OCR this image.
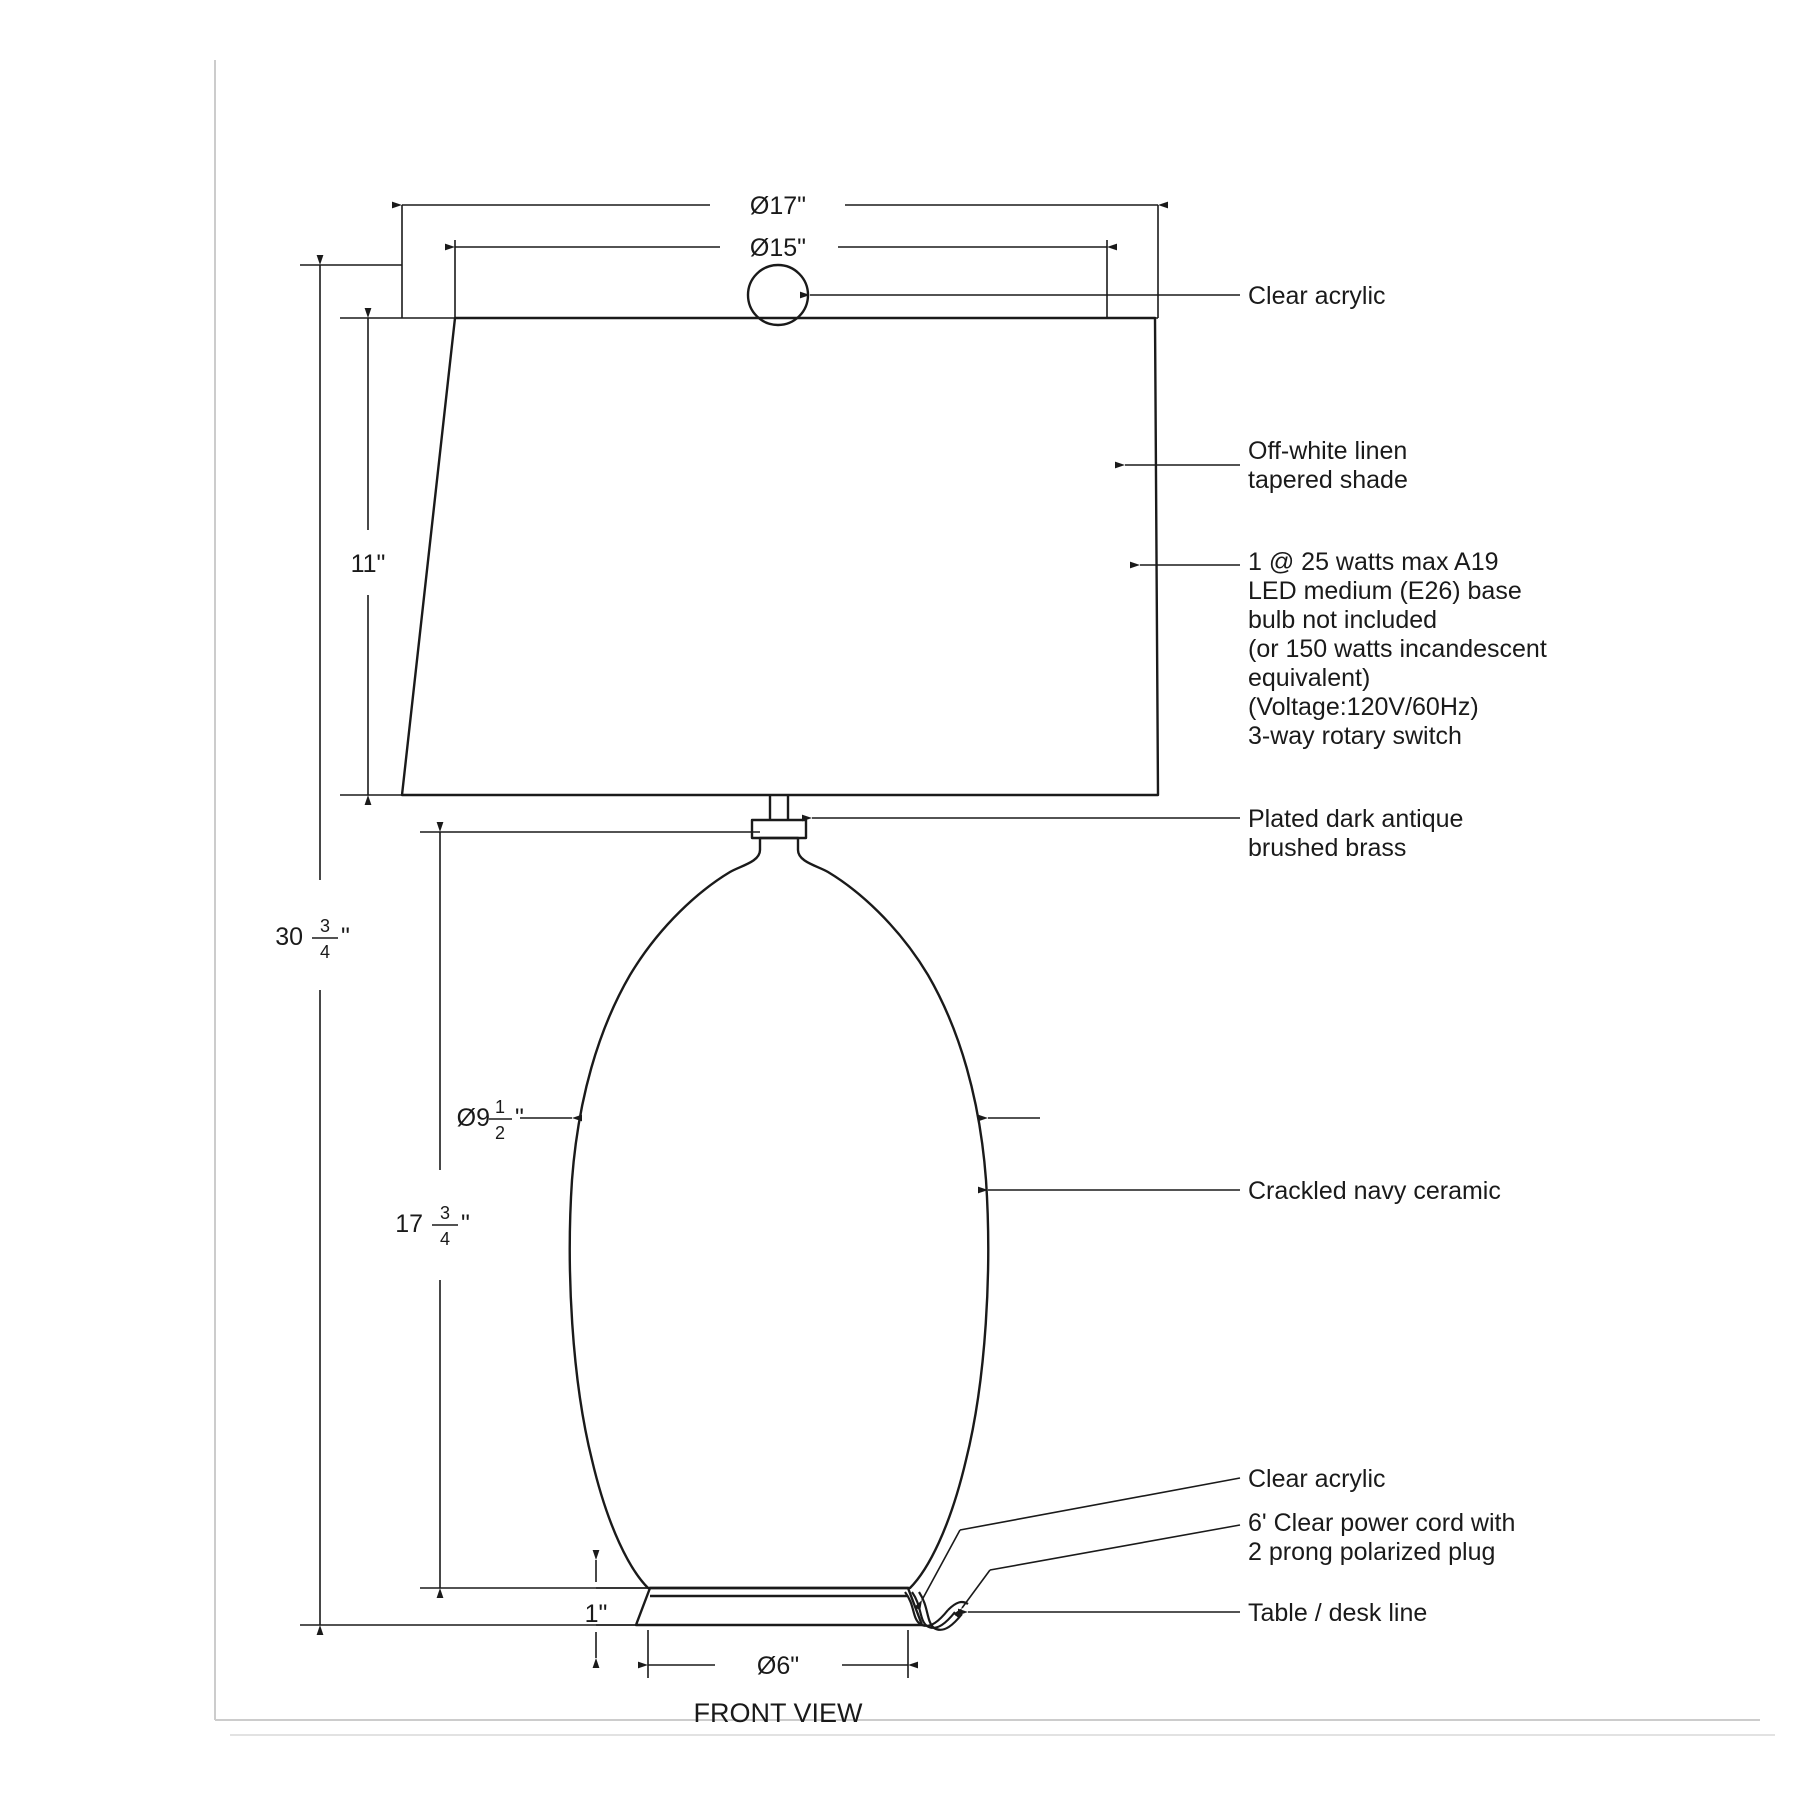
Ø17"
Ø15"
11"
30 3
4
"
17 3
4
"
Ø9 1
2
"
1"
Ø6"
FRONT VIEW
Clear acrylic
Off-white linen
tapered shade
1 @ 25 watts max A19
LED medium (E26) base
bulb not included
(or 150 watts incandescent
equivalent)
(Voltage:120V/60Hz)
3-way rotary switch
Plated dark antique
brushed brass
Crackled navy ceramic
Clear acrylic
6' Clear power cord with
2 prong polarized plug
Table / desk line
